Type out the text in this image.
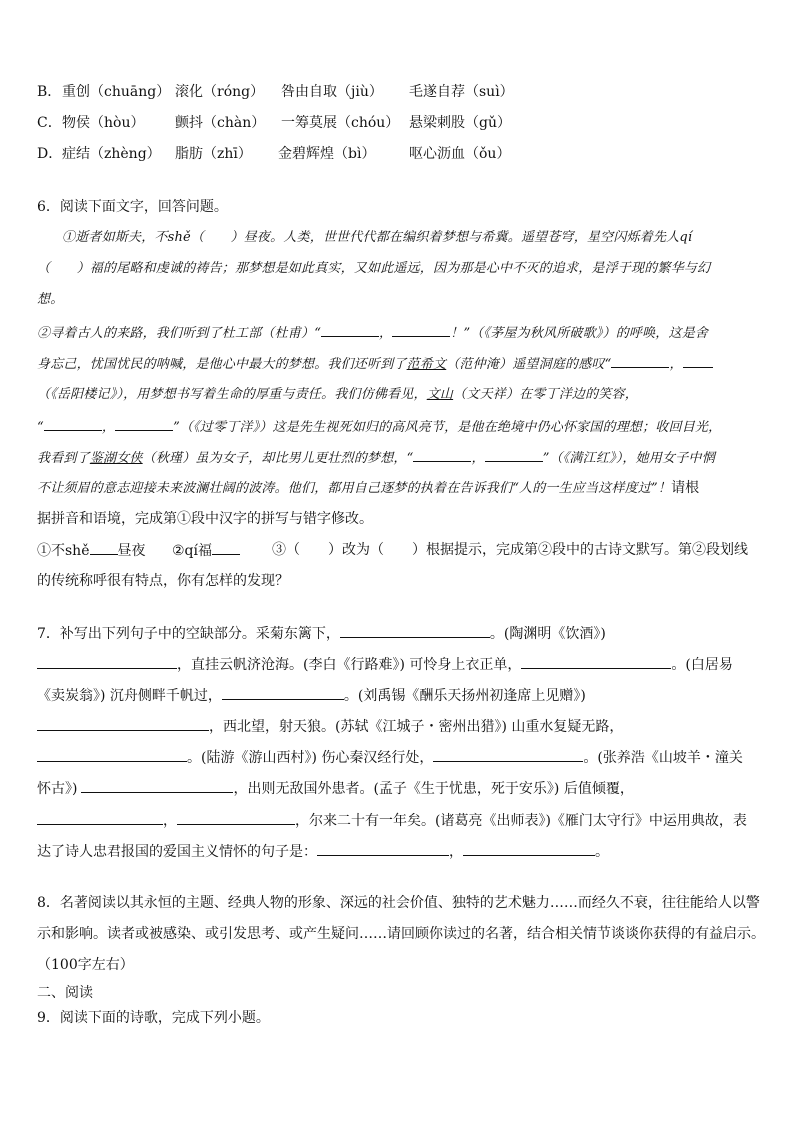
B． 重创（chuāng） 滚化（róng） 咎由自取（jiù） 毛遂自荐（suì）
C． 物侯（hòu） 颤抖（chàn） 一筹莫展（chóu） 悬梁刺股（gǔ）
D． 症结（zhèng） 脂肪（zhī） 金碧辉煌（bì） 呕心沥血（ǒu）
6．阅读下面文字，回答问题。
①逝者如斯夫，不shě（　　）昼夜。人类，世世代代都在编织着梦想与希冀。遥望苍穹，星空闪烁着先人qí
（　　）福的尾略和虔诚的祷告；那梦想是如此真实，又如此遥远，因为那是心中不灭的追求，是浮于现的繁华与幻
想。
②寻着古人的来路，我们听到了杜工部（杜甫）“	，	！”（《茅屋为秋风所破歌》）的呼唤，这是舍
身忘己，忧国忧民的呐喊，是他心中最大的梦想。我们还听到了范希文（范仲淹）遥望洞庭的感叹“	，
（《岳阳楼记》），用梦想书写着生命的厚重与责任。我们仿佛看见，文山（文天祥）在零丁洋边的笑容，
“	，	”（《过零丁洋》）这是先生视死如归的高风亮节，是他在绝境中仍心怀家国的理想；收回目光，
我看到了鉴湖女侠（秋瑾）虽为女子，却比男儿更壮烈的梦想，“	，	”（《满江红》），她用女子中惘
不让须眉的意志迎接未来波澜壮阔的波涛。他们，都用自己逐梦的执着在告诉我们“人的一生应当这样度过”！请根
据拼音和语境，完成第①段中汉字的拼写与错字修改。
①不shě 昼夜 ②qí福	③（　　）改为（　　）根据提示，完成第②段中的古诗文默写。第②段划线
的传统称呼很有特点，你有怎样的发现？
7．补写出下列句子中的空缺部分。采菊东篱下，	。(陶渊明《饮酒》)
，直挂云帆济沧海。(李白《行路难》) 可怜身上衣正单，	。(白居易
《卖炭翁》) 沉舟侧畔千帆过，	。(刘禹锡《酬乐天扬州初逢席上见赠》)
，西北望，射天狼。(苏轼《江城子・密州出猎》) 山重水复疑无路，
。(陆游《游山西村》) 伤心秦汉经行处，	。(张养浩《山坡羊・潼关
怀古》)	，出则无敌国外患者。(孟子《生于忧患，死于安乐》) 后值倾覆，
，	，尔来二十有一年矣。(诸葛亮《出师表》)《雁门太守行》中运用典故，表
达了诗人忠君报国的爱国主义情怀的句子是：	，	。
8．名著阅读以其永恒的主题、经典人物的形象、深远的社会价值、独特的艺术魅力……而经久不衰，往往能给人以警
示和影响。读者或被感染、或引发思考、或产生疑问……请回顾你读过的名著，结合相关情节谈谈你获得的有益启示。
（100字左右）
二、阅读
9．阅读下面的诗歌，完成下列小题。
